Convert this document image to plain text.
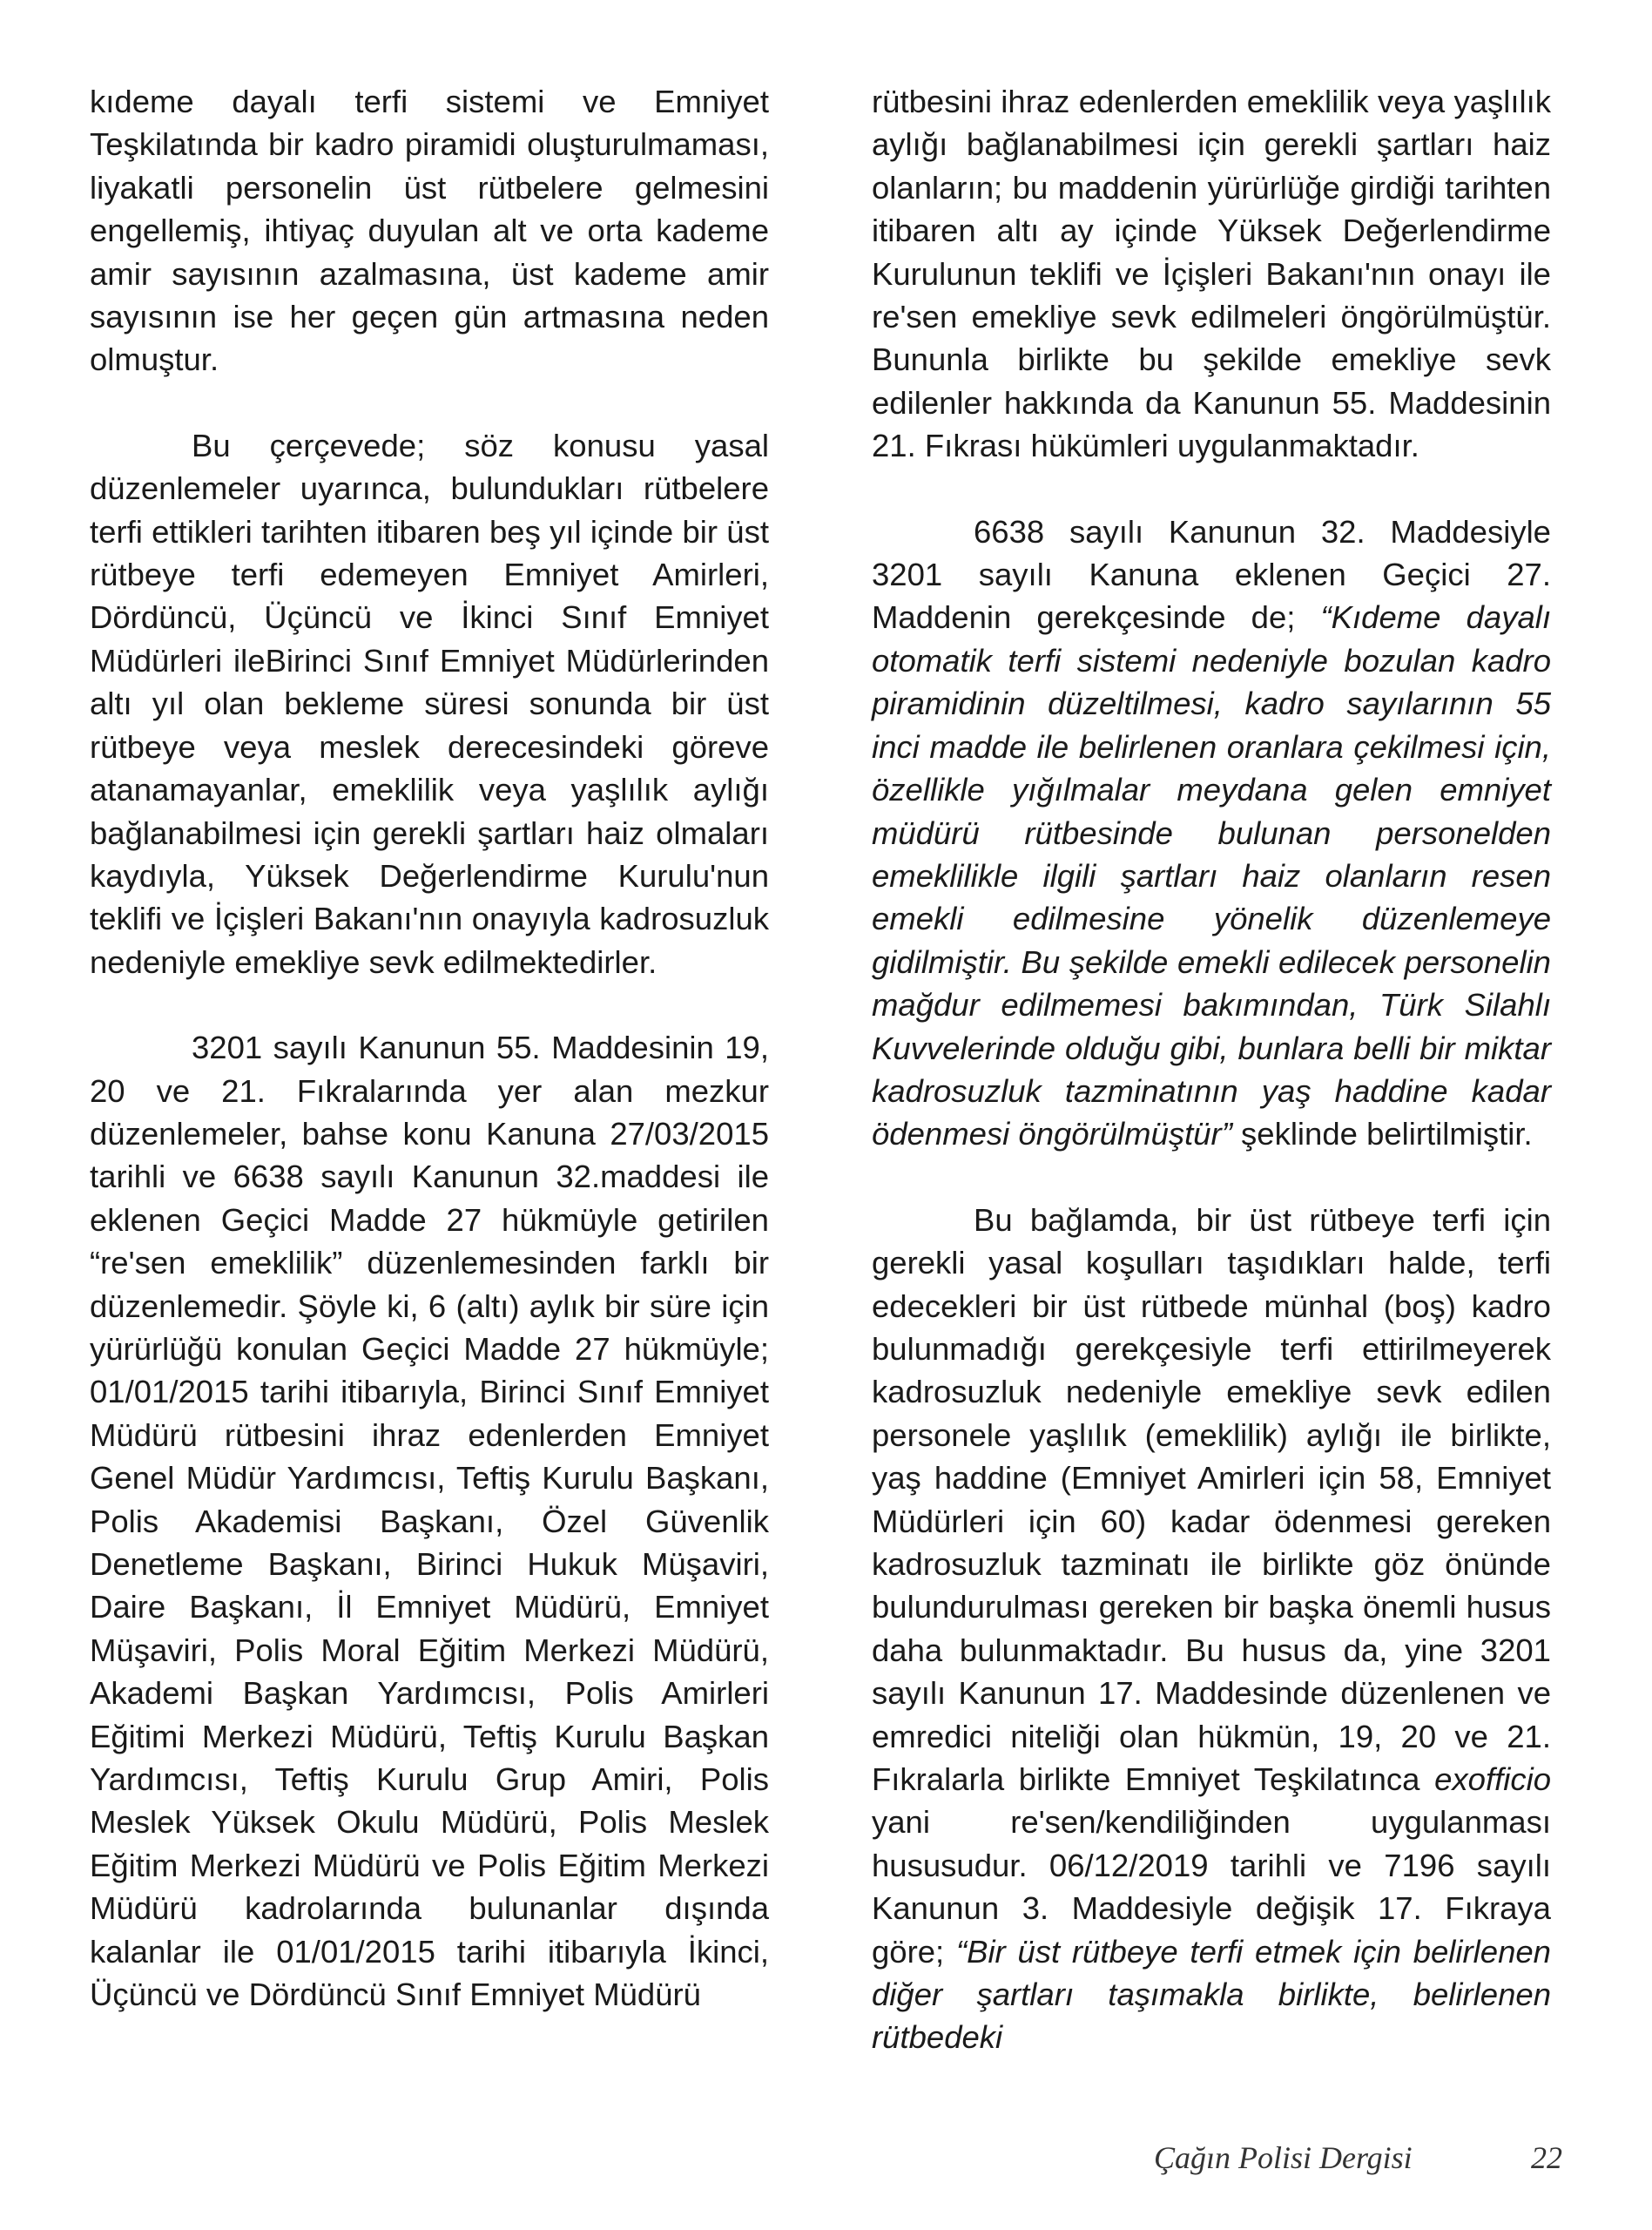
kıdeme dayalı terfi sistemi ve Emniyet Teşkilatında bir kadro piramidi oluşturulmaması, liyakatli personelin üst rütbelere gelmesini engellemiş, ihtiyaç duyulan alt ve orta kademe amir sayısının azalmasına, üst kademe amir sayısının ise her geçen gün artmasına neden olmuştur.

Bu çerçevede; söz konusu yasal düzenlemeler uyarınca, bulundukları rütbelere terfi ettikleri tarihten itibaren beş yıl içinde bir üst rütbeye terfi edemeyen Emniyet Amirleri, Dördüncü, Üçüncü ve İkinci Sınıf Emniyet Müdürleri ileBirinci Sınıf Emniyet Müdürlerinden altı yıl olan bekleme süresi sonunda bir üst rütbeye veya meslek derecesindeki göreve atanamayanlar, emeklilik veya yaşlılık aylığı bağlanabilmesi için gerekli şartları haiz olmaları kaydıyla, Yüksek Değerlendirme Kurulu'nun teklifi ve İçişleri Bakanı'nın onayıyla kadrosuzluk nedeniyle emekliye sevk edilmektedirler.

3201 sayılı Kanunun 55. Maddesinin 19, 20 ve 21. Fıkralarında yer alan mezkur düzenlemeler, bahse konu Kanuna 27/03/2015 tarihli ve 6638 sayılı Kanunun 32.maddesi ile eklenen Geçici Madde 27 hükmüyle getirilen “re'sen emeklilik” düzenlemesinden farklı bir düzenlemedir. Şöyle ki, 6 (altı) aylık bir süre için yürürlüğü konulan Geçici Madde 27 hükmüyle; 01/01/2015 tarihi itibarıyla, Birinci Sınıf Emniyet Müdürü rütbesini ihraz edenlerden Emniyet Genel Müdür Yardımcısı, Teftiş Kurulu Başkanı, Polis Akademisi Başkanı, Özel Güvenlik Denetleme Başkanı, Birinci Hukuk Müşaviri, Daire Başkanı, İl Emniyet Müdürü, Emniyet Müşaviri, Polis Moral Eğitim Merkezi Müdürü, Akademi Başkan Yardımcısı, Polis Amirleri Eğitimi Merkezi Müdürü, Teftiş Kurulu Başkan Yardımcısı, Teftiş Kurulu Grup Amiri, Polis Meslek Yüksek Okulu Müdürü, Polis Meslek Eğitim Merkezi Müdürü ve Polis Eğitim Merkezi Müdürü kadrolarında bulunanlar dışında kalanlar ile 01/01/2015 tarihi itibarıyla İkinci, Üçüncü ve Dördüncü Sınıf Emniyet Müdürü

rütbesini ihraz edenlerden emeklilik veya yaşlılık aylığı bağlanabilmesi için gerekli şartları haiz olanların; bu maddenin yürürlüğe girdiği tarihten itibaren altı ay içinde Yüksek Değerlendirme Kurulunun teklifi ve İçişleri Bakanı'nın onayı ile re'sen emekliye sevk edilmeleri öngörülmüştür. Bununla birlikte bu şekilde emekliye sevk edilenler hakkında da Kanunun 55. Maddesinin 21. Fıkrası hükümleri uygulanmaktadır.

6638 sayılı Kanunun 32. Maddesiyle 3201 sayılı Kanuna eklenen Geçici 27. Maddenin gerekçesinde de; “Kıdeme dayalı otomatik terfi sistemi nedeniyle bozulan kadro piramidinin düzeltilmesi, kadro sayılarının 55 inci madde ile belirlenen oranlara çekilmesi için, özellikle yığılmalar meydana gelen emniyet müdürü rütbesinde bulunan personelden emeklilikle ilgili şartları haiz olanların resen emekli edilmesine yönelik düzenlemeye gidilmiştir. Bu şekilde emekli edilecek personelin mağdur edilmemesi bakımından, Türk Silahlı Kuvvelerinde olduğu gibi, bunlara belli bir miktar kadrosuzluk tazminatının yaş haddine kadar ödenmesi öngörülmüştür” şeklinde belirtilmiştir.

Bu bağlamda, bir üst rütbeye terfi için gerekli yasal koşulları taşıdıkları halde, terfi edecekleri bir üst rütbede münhal (boş) kadro bulunmadığı gerekçesiyle terfi ettirilmeyerek kadrosuzluk nedeniyle emekliye sevk edilen personele yaşlılık (emeklilik) aylığı ile birlikte, yaş haddine (Emniyet Amirleri için 58, Emniyet Müdürleri için 60) kadar ödenmesi gereken kadrosuzluk tazminatı ile birlikte göz önünde bulundurulması gereken bir başka önemli husus daha bulunmaktadır. Bu husus da, yine 3201 sayılı Kanunun 17. Maddesinde düzenlenen ve emredici niteliği olan hükmün, 19, 20 ve 21. Fıkralarla birlikte Emniyet Teşkilatınca exofficio yani re'sen/kendiliğinden uygulanması hususudur. 06/12/2019 tarihli ve 7196 sayılı Kanunun 3. Maddesiyle değişik 17. Fıkraya göre; “Bir üst rütbeye terfi etmek için belirlenen diğer şartları taşımakla birlikte, belirlenen rütbedeki

Çağın Polisi Dergisi	22
